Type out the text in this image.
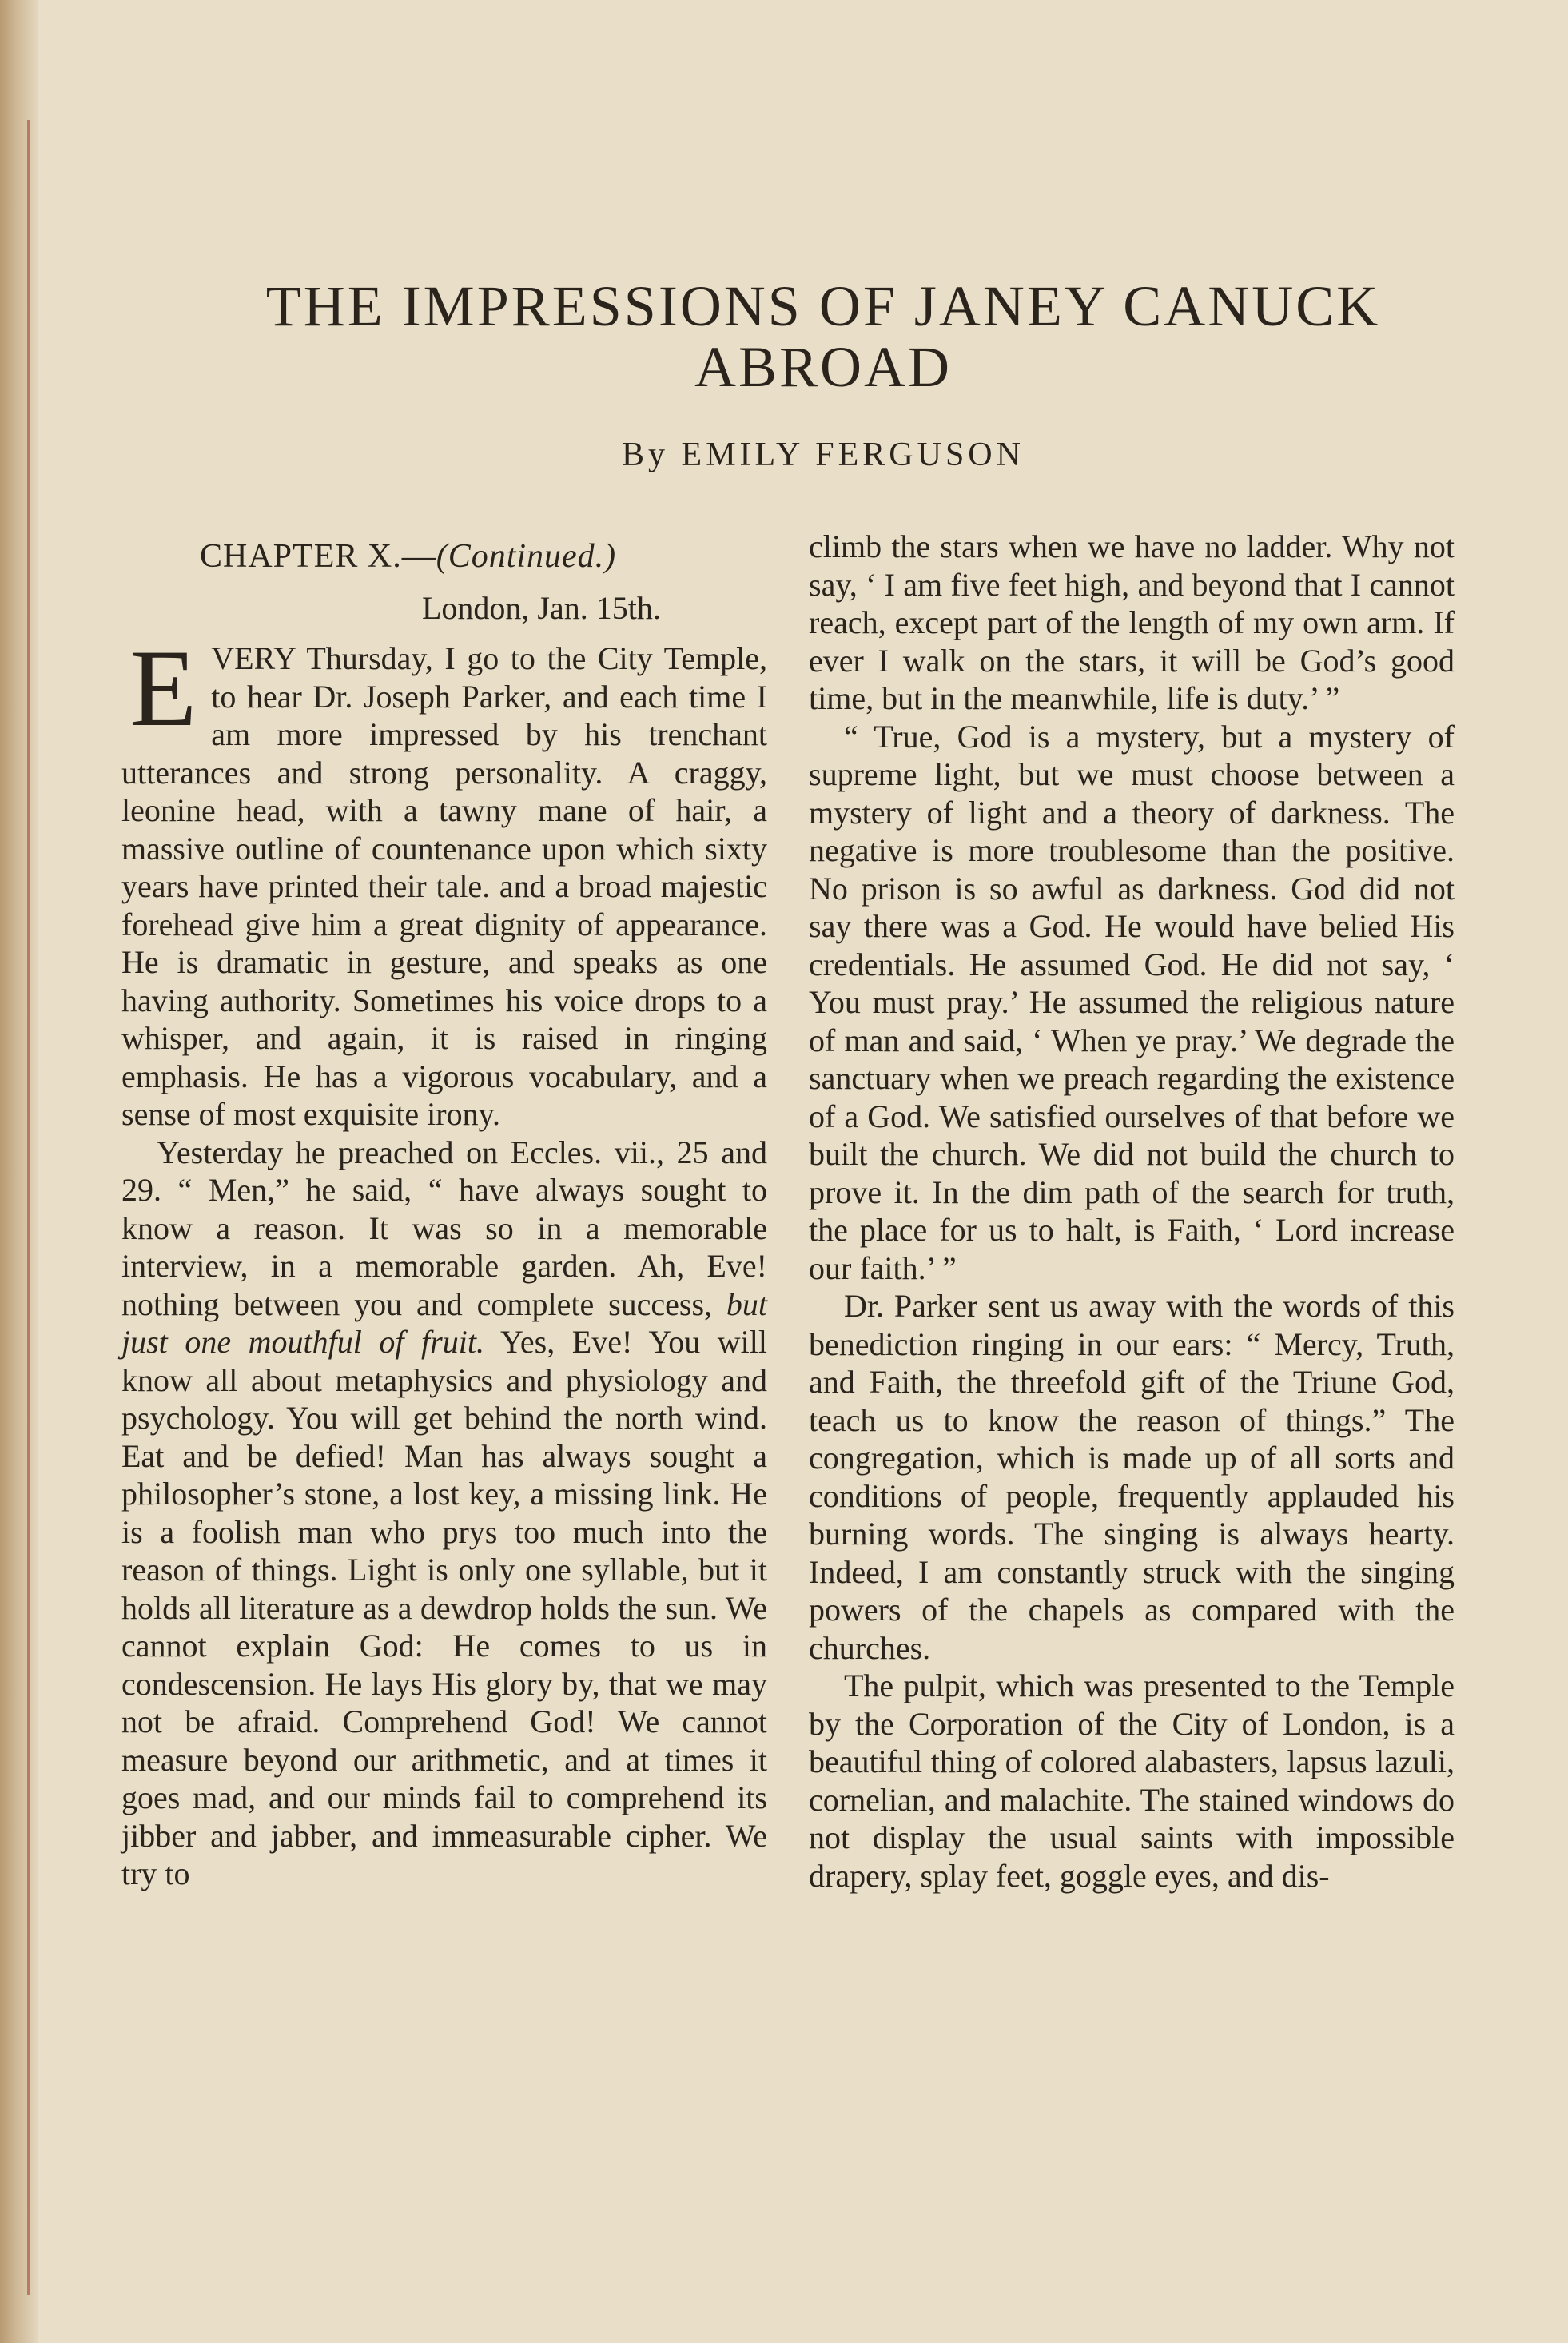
THE IMPRESSIONS OF JANEY CANUCK
ABROAD
By EMILY FERGUSON
CHAPTER X.—(Continued.)
London, Jan. 15th.

EVERY Thursday, I go to the City Temple, to hear Dr. Joseph Parker, and each time I am more impressed by his trenchant utterances and strong personality. A craggy, leonine head, with a tawny mane of hair, a massive outline of countenance upon which sixty years have printed their tale. and a broad majestic forehead give him a great dignity of appearance. He is dramatic in gesture, and speaks as one having authority. Sometimes his voice drops to a whisper, and again, it is raised in ringing emphasis. He has a vigorous vocabulary, and a sense of most exquisite irony.

Yesterday he preached on Eccles. vii., 25 and 29. “ Men,” he said, “ have always sought to know a reason. It was so in a memorable interview, in a memorable garden. Ah, Eve! nothing between you and complete success, but just one mouthful of fruit. Yes, Eve! You will know all about metaphysics and physiology and psychology. You will get behind the north wind. Eat and be defied! Man has always sought a philosopher’s stone, a lost key, a missing link. He is a foolish man who prys too much into the reason of things. Light is only one syllable, but it holds all literature as a dewdrop holds the sun. We cannot explain God: He comes to us in condescension. He lays His glory by, that we may not be afraid. Comprehend God! We cannot measure beyond our arithmetic, and at times it goes mad, and our minds fail to comprehend its jibber and jabber, and immeasurable cipher. We try to

climb the stars when we have no ladder. Why not say, ‘ I am five feet high, and beyond that I cannot reach, except part of the length of my own arm. If ever I walk on the stars, it will be God’s good time, but in the meanwhile, life is duty.’ ”

“ True, God is a mystery, but a mystery of supreme light, but we must choose between a mystery of light and a theory of darkness. The negative is more troublesome than the positive. No prison is so awful as darkness. God did not say there was a God. He would have belied His credentials. He assumed God. He did not say, ‘ You must pray.’ He assumed the religious nature of man and said, ‘ When ye pray.’ We degrade the sanctuary when we preach regarding the existence of a God. We satisfied ourselves of that before we built the church. We did not build the church to prove it. In the dim path of the search for truth, the place for us to halt, is Faith, ‘ Lord increase our faith.’ ”

Dr. Parker sent us away with the words of this benediction ringing in our ears: “ Mercy, Truth, and Faith, the threefold gift of the Triune God, teach us to know the reason of things.” The congregation, which is made up of all sorts and conditions of people, frequently applauded his burning words. The singing is always hearty. Indeed, I am constantly struck with the singing powers of the chapels as compared with the churches.

The pulpit, which was presented to the Temple by the Corporation of the City of London, is a beautiful thing of colored alabasters, lapsus lazuli, cornelian, and malachite. The stained windows do not display the usual saints with impossible drapery, splay feet, goggle eyes, and dis-
